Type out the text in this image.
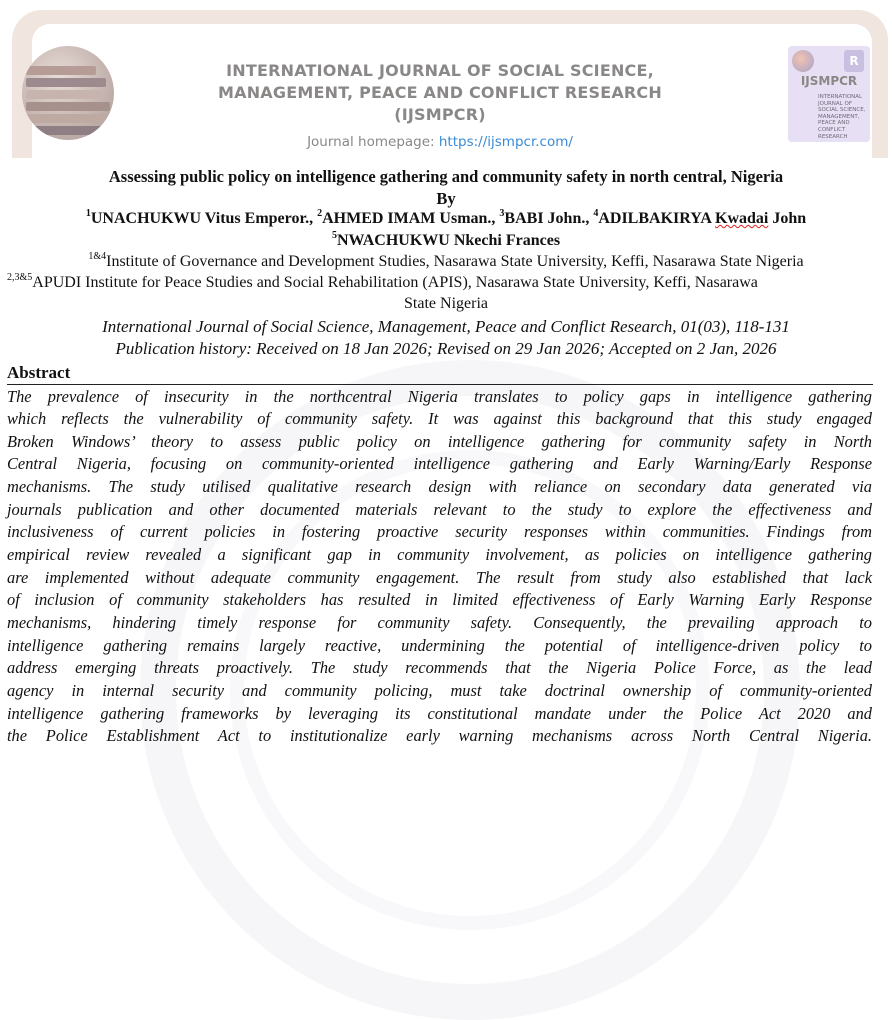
INTERNATIONAL JOURNAL OF SOCIAL SCIENCE,
MANAGEMENT, PEACE AND CONFLICT RESEARCH
(IJSMPCR)
Journal homepage: https://ijsmpcr.com/
R
IJSMPCR
INTERNATIONAL JOURNAL OF SOCIAL SCIENCE, MANAGEMENT, PEACE AND CONFLICT RESEARCH
Assessing public policy on intelligence gathering and community safety in north central, Nigeria
By
$^1$UNACHUKWU Vitus Emperor., $^2$AHMED IMAM Usman., $^3$BABI John., $^4$ADILBAKIRYA Kwadai John
$^5$NWACHUKWU Nkechi Frances
$^{1\&4}$Institute of Governance and Development Studies, Nasarawa State University, Keffi, Nasarawa State Nigeria
$^{2,3\&5}$APUDI Institute for Peace Studies and Social Rehabilitation (APIS), Nasarawa State University, Keffi, Nasarawa
State Nigeria
International Journal of Social Science, Management, Peace and Conflict Research, 01(03), 118-131
Publication history: Received on 18 Jan 2026; Revised on 29 Jan 2026; Accepted on 2 Jan, 2026
Abstract
The prevalence of insecurity in the northcentral Nigeria translates to policy gaps in intelligence gathering
which reflects the vulnerability of community safety. It was against this background that this study engaged
Broken Windows’ theory to assess public policy on intelligence gathering for community safety in North
Central Nigeria, focusing on community-oriented intelligence gathering and Early Warning/Early Response
mechanisms. The study utilised qualitative research design with reliance on secondary data generated via
journals publication and other documented materials relevant to the study to explore the effectiveness and
inclusiveness of current policies in fostering proactive security responses within communities. Findings from
empirical review revealed a significant gap in community involvement, as policies on intelligence gathering
are implemented without adequate community engagement. The result from study also established that lack
of inclusion of community stakeholders has resulted in limited effectiveness of Early Warning Early Response
mechanisms, hindering timely response for community safety. Consequently, the prevailing approach to
intelligence gathering remains largely reactive, undermining the potential of intelligence-driven policy to
address emerging threats proactively. The study recommends that the Nigeria Police Force, as the lead
agency in internal security and community policing, must take doctrinal ownership of community-oriented
intelligence gathering frameworks by leveraging its constitutional mandate under the Police Act 2020 and
the Police Establishment Act to institutionalize early warning mechanisms across North Central Nigeria.
